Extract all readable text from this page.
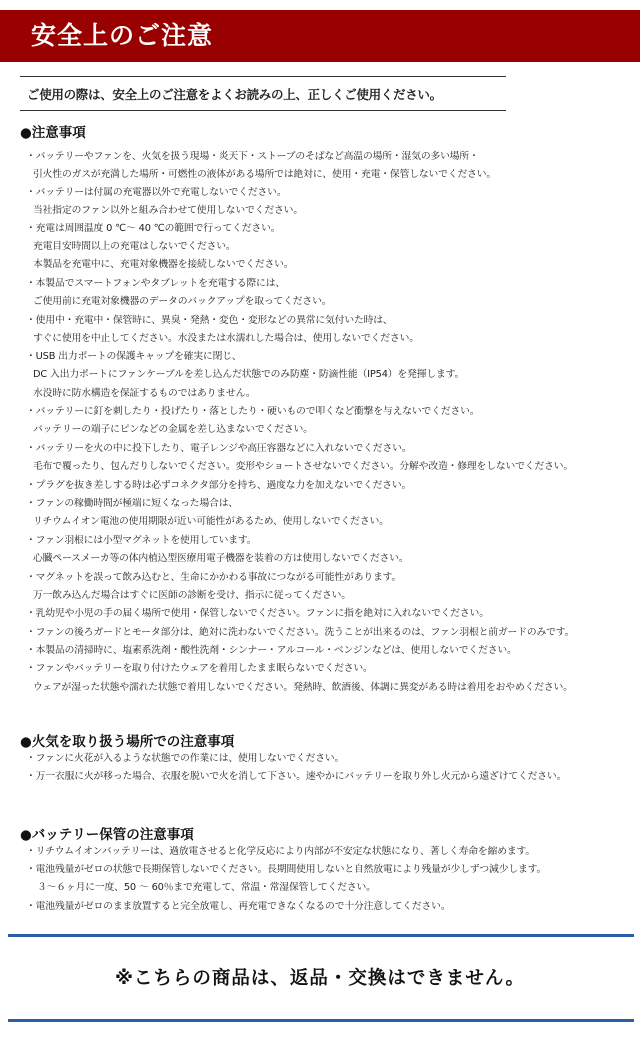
安全上のご注意
ご使用の際は、安全上のご注意をよくお読みの上、正しくご使用ください。
●注意事項
・バッテリーやファンを、火気を扱う現場・炎天下・ストーブのそばなど高温の場所・湿気の多い場所・
引火性のガスが充満した場所・可燃性の液体がある場所では絶対に、使用・充電・保管しないでください。
・バッテリーは付属の充電器以外で充電しないでください。
当社指定のファン以外と組み合わせて使用しないでください。
・充電は周囲温度 0 ℃〜 40 ℃の範囲で行ってください。
充電目安時間以上の充電はしないでください。
本製品を充電中に、充電対象機器を接続しないでください。
・本製品でスマートフォンやタブレットを充電する際には、
ご使用前に充電対象機器のデータのバックアップを取ってください。
・使用中・充電中・保管時に、異臭・発熱・変色・変形などの異常に気付いた時は、
すぐに使用を中止してください。水没または水濡れした場合は、使用しないでください。
・USB 出力ポートの保護キャップを確実に閉じ、
DC 入出力ポートにファンケーブルを差し込んだ状態でのみ防塵・防滴性能（IP54）を発揮します。
水没時に防水構造を保証するものではありません。
・バッテリーに釘を刺したり・投げたり・落としたり・硬いもので叩くなど衝撃を与えないでください。
バッテリーの端子にピンなどの金属を差し込まないでください。
・バッテリーを火の中に投下したり、電子レンジや高圧容器などに入れないでください。
毛布で覆ったり、包んだりしないでください。変形やショートさせないでください。分解や改造・修理をしないでください。
・プラグを抜き差しする時は必ずコネクタ部分を持ち、過度な力を加えないでください。
・ファンの稼働時間が極端に短くなった場合は、
リチウムイオン電池の使用期限が近い可能性があるため、使用しないでください。
・ファン羽根には小型マグネットを使用しています。
心臓ペースメーカ等の体内植込型医療用電子機器を装着の方は使用しないでください。
・マグネットを誤って飲み込むと、生命にかかわる事故につながる可能性があります。
万一飲み込んだ場合はすぐに医師の診断を受け、指示に従ってください。
・乳幼児や小児の手の届く場所で使用・保管しないでください。ファンに指を絶対に入れないでください。
・ファンの後ろガードとモータ部分は、絶対に洗わないでください。洗うことが出来るのは、ファン羽根と前ガードのみです。
・本製品の清掃時に、塩素系洗剤・酸性洗剤・シンナー・アルコール・ベンジンなどは、使用しないでください。
・ファンやバッテリーを取り付けたウェアを着用したまま眠らないでください。
ウェアが湿った状態や濡れた状態で着用しないでください。発熱時、飲酒後、体調に異変がある時は着用をおやめください。
●火気を取り扱う場所での注意事項
・ファンに火花が入るような状態での作業には、使用しないでください。
・万一衣服に火が移った場合、衣服を脱いで火を消して下さい。速やかにバッテリーを取り外し火元から遠ざけてください。
●バッテリー保管の注意事項
・リチウムイオンバッテリーは、過放電させると化学反応により内部が不安定な状態になり、著しく寿命を縮めます。
・電池残量がゼロの状態で長期保管しないでください。長期間使用しないと自然放電により残量が少しずつ減少します。
３〜６ヶ月に一度、50 〜 60％まで充電して、常温・常湿保管してください。
・電池残量がゼロのまま放置すると完全放電し、再充電できなくなるので十分注意してください。
※こちらの商品は、返品・交換はできません。
